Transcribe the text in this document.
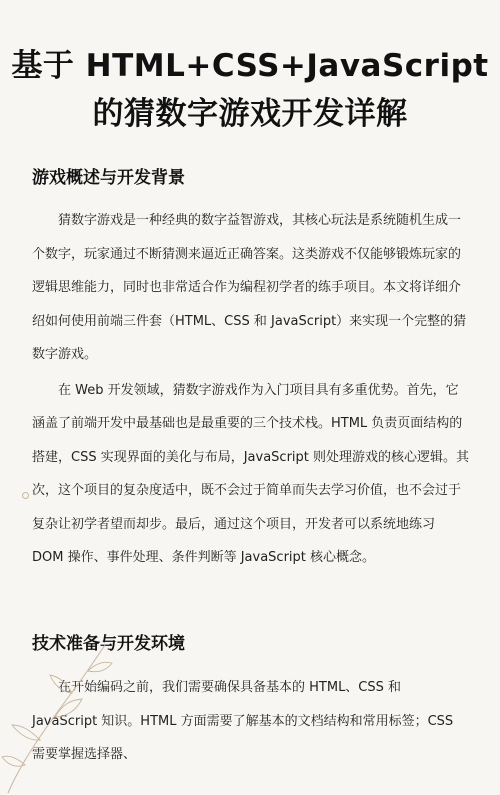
基于 HTML+CSS+JavaScript
的猜数字游戏开发详解
游戏概述与开发背景

猜数字游戏是一种经典的数字益智游戏，其核心玩法是系统随机生成一个数字，玩家通过不断猜测来逼近正确答案。这类游戏不仅能够锻炼玩家的逻辑思维能力，同时也非常适合作为编程初学者的练手项目。本文将详细介绍如何使用前端三件套（HTML、CSS 和 JavaScript）来实现一个完整的猜数字游戏。

在 Web 开发领域，猜数字游戏作为入门项目具有多重优势。首先，它涵盖了前端开发中最基础也是最重要的三个技术栈。HTML 负责页面结构的搭建，CSS 实现界面的美化与布局，JavaScript 则处理游戏的核心逻辑。其次，这个项目的复杂度适中，既不会过于简单而失去学习价值，也不会过于复杂让初学者望而却步。最后，通过这个项目，开发者可以系统地练习 DOM 操作、事件处理、条件判断等 JavaScript 核心概念。

技术准备与开发环境

在开始编码之前，我们需要确保具备基本的 HTML、CSS 和 JavaScript 知识。HTML 方面需要了解基本的文档结构和常用标签；CSS 需要掌握选择器、
